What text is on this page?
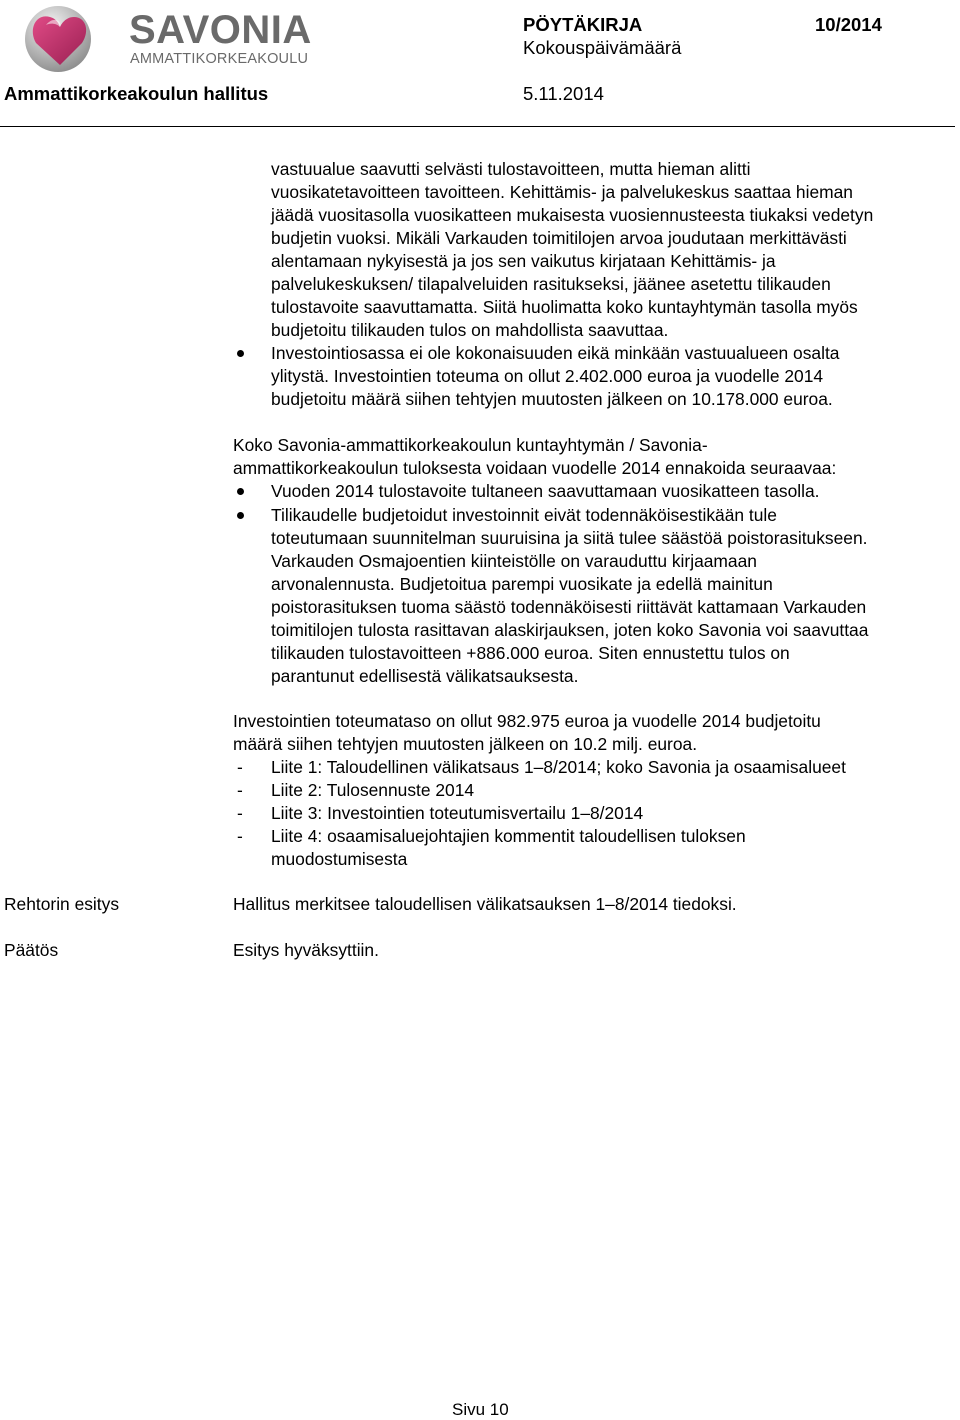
SAVONIA
AMMATTIKORKEAKOULU
PÖYTÄKIRJA	10/2014
Kokouspäivämäärä
Ammattikorkeakoulun hallitus	5.11.2014
vastuualue saavutti selvästi tulostavoitteen, mutta hieman alitti
vuosikatetavoitteen tavoitteen. Kehittämis- ja palvelukeskus saattaa hieman
jäädä vuositasolla vuosikatteen mukaisesta vuosiennusteesta tiukaksi vedetyn
budjetin vuoksi. Mikäli Varkauden toimitilojen arvoa joudutaan merkittävästi
alentamaan nykyisestä ja jos sen vaikutus kirjataan Kehittämis- ja
palvelukeskuksen/ tilapalveluiden rasitukseksi, jäänee asetettu tilikauden
tulostavoite saavuttamatta. Siitä huolimatta koko kuntayhtymän tasolla myös
budjetoitu tilikauden tulos on mahdollista saavuttaa.
Investointiosassa ei ole kokonaisuuden eikä minkään vastuualueen osalta
ylitystä. Investointien toteuma on ollut 2.402.000 euroa ja vuodelle 2014
budjetoitu määrä siihen tehtyjen muutosten jälkeen on 10.178.000 euroa.
Koko Savonia-ammattikorkeakoulun kuntayhtymän / Savonia-
ammattikorkeakoulun tuloksesta voidaan vuodelle 2014 ennakoida seuraavaa:
Vuoden 2014 tulostavoite tultaneen saavuttamaan vuosikatteen tasolla.
Tilikaudelle budjetoidut investoinnit eivät todennäköisestikään tule
toteutumaan suunnitelman suuruisina ja siitä tulee säästöä poistorasitukseen.
Varkauden Osmajoentien kiinteistölle on varauduttu kirjaamaan
arvonalennusta. Budjetoitua parempi vuosikate ja edellä mainitun
poistorasituksen tuoma säästö todennäköisesti riittävät kattamaan Varkauden
toimitilojen tulosta rasittavan alaskirjauksen, joten koko Savonia voi saavuttaa
tilikauden tulostavoitteen +886.000 euroa. Siten ennustettu tulos on
parantunut edellisestä välikatsauksesta.
Investointien toteumataso on ollut 982.975 euroa ja vuodelle 2014 budjetoitu
määrä siihen tehtyjen muutosten jälkeen on 10.2 milj. euroa.
- Liite 1: Taloudellinen välikatsaus 1–8/2014; koko Savonia ja osaamisalueet
- Liite 2: Tulosennuste 2014
- Liite 3: Investointien toteutumisvertailu 1–8/2014
- Liite 4: osaamisaluejohtajien kommentit taloudellisen tuloksen
muodostumisesta
Rehtorin esitys	Hallitus merkitsee taloudellisen välikatsauksen 1–8/2014 tiedoksi.
Päätös	Esitys hyväksyttiin.
Sivu 10
